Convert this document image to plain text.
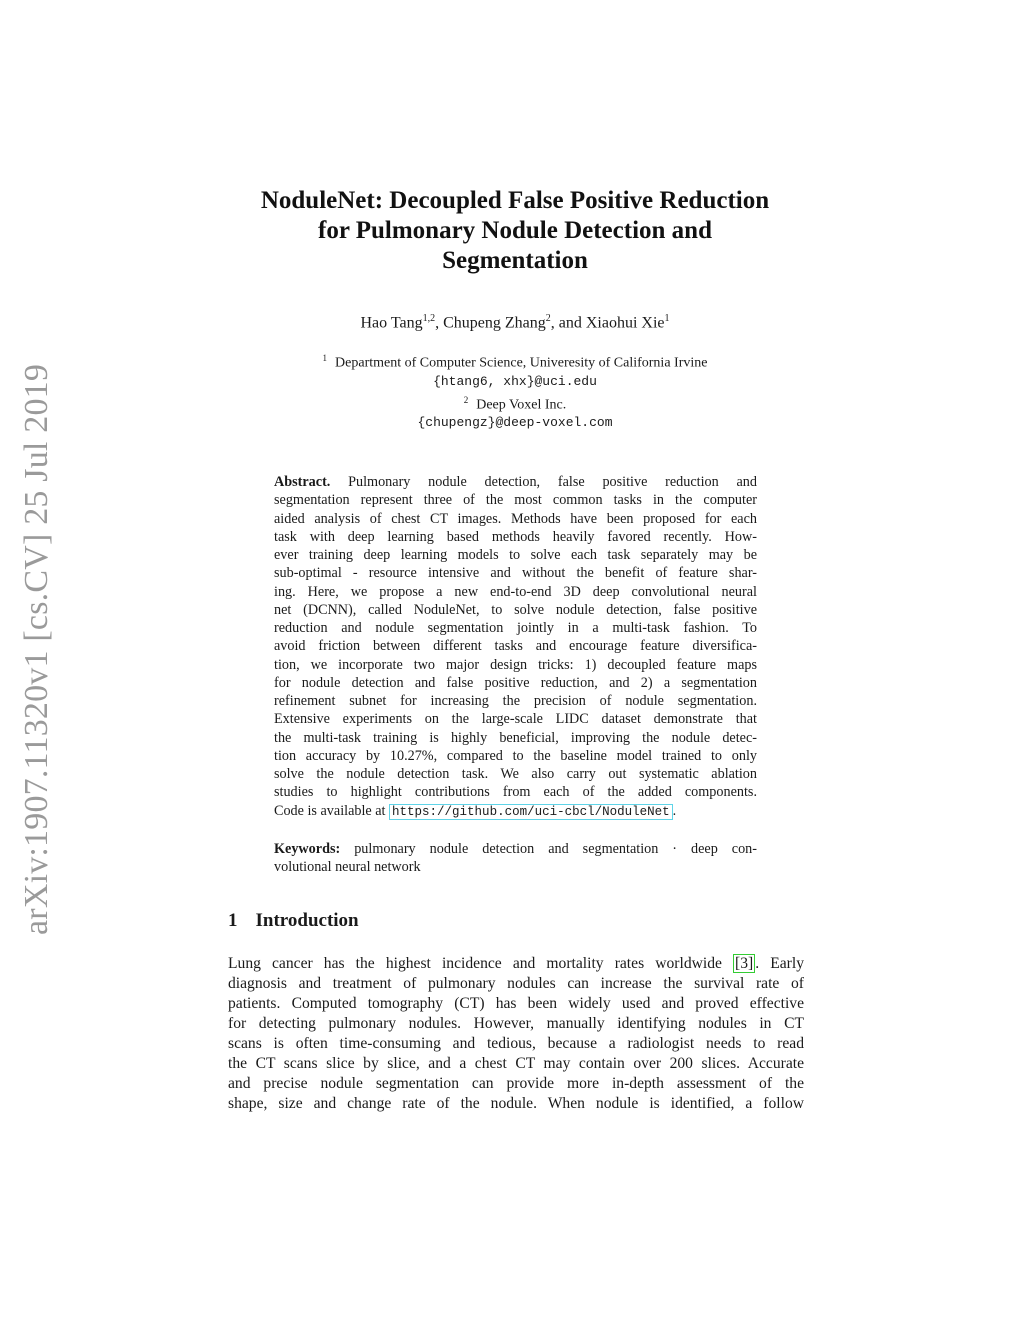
arXiv:1907.11320v1 [cs.CV] 25 Jul 2019
NoduleNet: Decoupled False Positive Reduction
for Pulmonary Nodule Detection and
Segmentation
Hao Tang$^{1,2}$, Chupeng Zhang$^2$, and Xiaohui Xie$^1$
$^1$ Department of Computer Science, Univeresity of California Irvine
{htang6, xhx}@uci.edu
$^2$ Deep Voxel Inc.
{chupengz}@deep-voxel.com
Abstract. Pulmonary nodule detection, false positive reduction and
segmentation represent three of the most common tasks in the computer
aided analysis of chest CT images. Methods have been proposed for each
task with deep learning based methods heavily favored recently. How-
ever training deep learning models to solve each task separately may be
sub-optimal - resource intensive and without the benefit of feature shar-
ing. Here, we propose a new end-to-end 3D deep convolutional neural
net (DCNN), called NoduleNet, to solve nodule detection, false positive
reduction and nodule segmentation jointly in a multi-task fashion. To
avoid friction between different tasks and encourage feature diversifica-
tion, we incorporate two major design tricks: 1) decoupled feature maps
for nodule detection and false positive reduction, and 2) a segmentation
refinement subnet for increasing the precision of nodule segmentation.
Extensive experiments on the large-scale LIDC dataset demonstrate that
the multi-task training is highly beneficial, improving the nodule detec-
tion accuracy by 10.27%, compared to the baseline model trained to only
solve the nodule detection task. We also carry out systematic ablation
studies to highlight contributions from each of the added components.
Code is available at https://github.com/uci-cbcl/NoduleNet .
Keywords: pulmonary nodule detection and segmentation · deep con-
volutional neural network
1 Introduction
Lung cancer has the highest incidence and mortality rates worldwide [3] . Early
diagnosis and treatment of pulmonary nodules can increase the survival rate of
patients. Computed tomography (CT) has been widely used and proved effective
for detecting pulmonary nodules. However, manually identifying nodules in CT
scans is often time-consuming and tedious, because a radiologist needs to read
the CT scans slice by slice, and a chest CT may contain over 200 slices. Accurate
and precise nodule segmentation can provide more in-depth assessment of the
shape, size and change rate of the nodule. When nodule is identified, a follow
